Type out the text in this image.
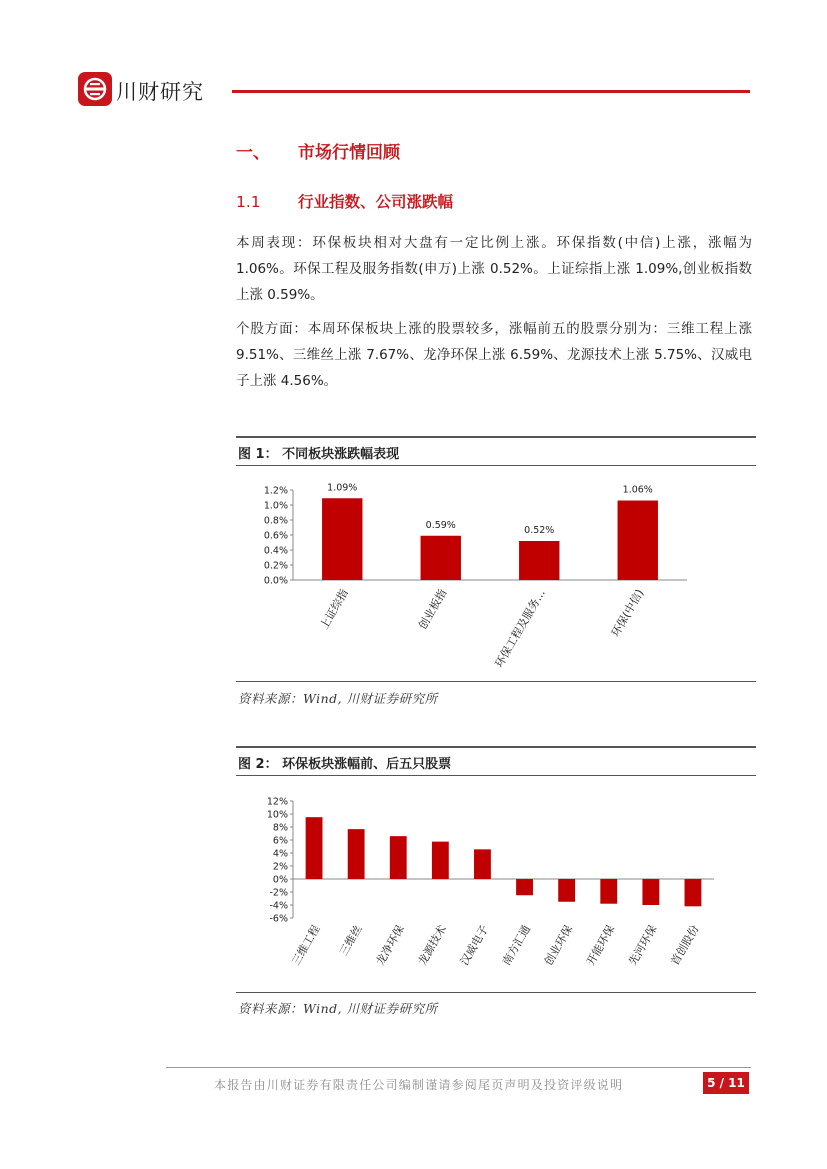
川财研究
一、 市场行情回顾
1.1 行业指数、公司涨跌幅
本周表现：环保板块相对大盘有一定比例上涨。环保指数(中信)上涨，涨幅为 1.06%。环保工程及服务指数(申万)上涨 0.52%。上证综指上涨 1.09%,创业板指数上涨 0.59%。
个股方面：本周环保板块上涨的股票较多，涨幅前五的股票分别为：三维工程上涨 9.51%、三维丝上涨 7.67%、龙净环保上涨 6.59%、龙源技术上涨 5.75%、汉威电子上涨 4.56%。
图 1： 不同板块涨跌幅表现
0.0%
0.2%
0.4%
0.6%
0.8%
1.0%
1.2%	1.09%
上证综指
0.59%
创业板指
0.52%
环保工程及服务…
1.06%
环保(中信)
资料来源：Wind, 川财证券研究所
图 2： 环保板块涨幅前、后五只股票
-6%
-4%
-2%
0%
2%
4%
6%
8%
10%
12%
三维工程 三维丝 龙净环保 龙源技术 汉威电子 南方汇通 创业环保 开能环保 先河环保 首创股份
资料来源：Wind, 川财证券研究所
本报告由川财证券有限责任公司编制谨请参阅尾页声明及投资评级说明	5 / 11
